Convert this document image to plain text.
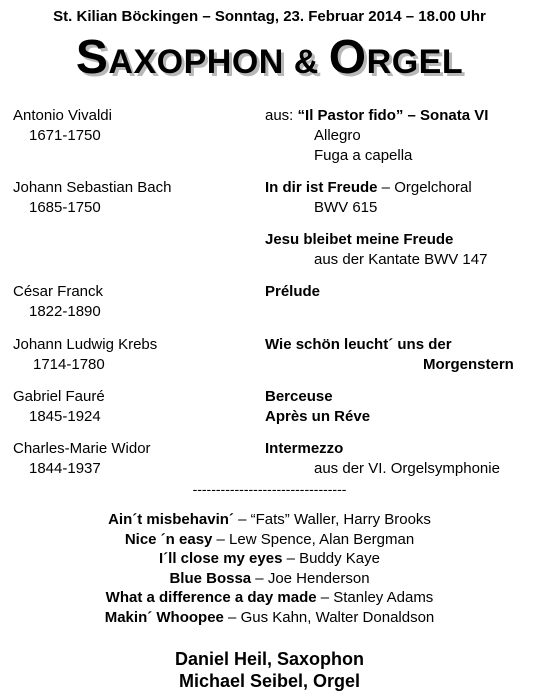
St. Kilian Böckingen – Sonntag, 23. Februar 2014 – 18.00 Uhr
SAXOPHON & ORGEL
Antonio Vivaldi
1671-1750
aus: “Il Pastor fido” – Sonata VI
Allegro
Fuga a capella
Johann Sebastian Bach
1685-1750
In dir ist Freude – Orgelchoral
BWV 615
Jesu bleibet meine Freude
aus der Kantate BWV 147
César Franck
1822-1890
Prélude
Johann Ludwig Krebs
1714-1780
Wie schön leucht´ uns der
Morgenstern
Gabriel Fauré
1845-1924
Berceuse
Après un Réve
Charles-Marie Widor
1844-1937
Intermezzo
aus der VI. Orgelsymphonie
---------------------------------
Ain´t misbehavin´ – “Fats” Waller, Harry Brooks
Nice ´n easy – Lew Spence, Alan Bergman
I´ll close my eyes – Buddy Kaye
Blue Bossa – Joe Henderson
What a difference a day made – Stanley Adams
Makin´ Whoopee – Gus Kahn, Walter Donaldson
Daniel Heil, Saxophon
Michael Seibel, Orgel
